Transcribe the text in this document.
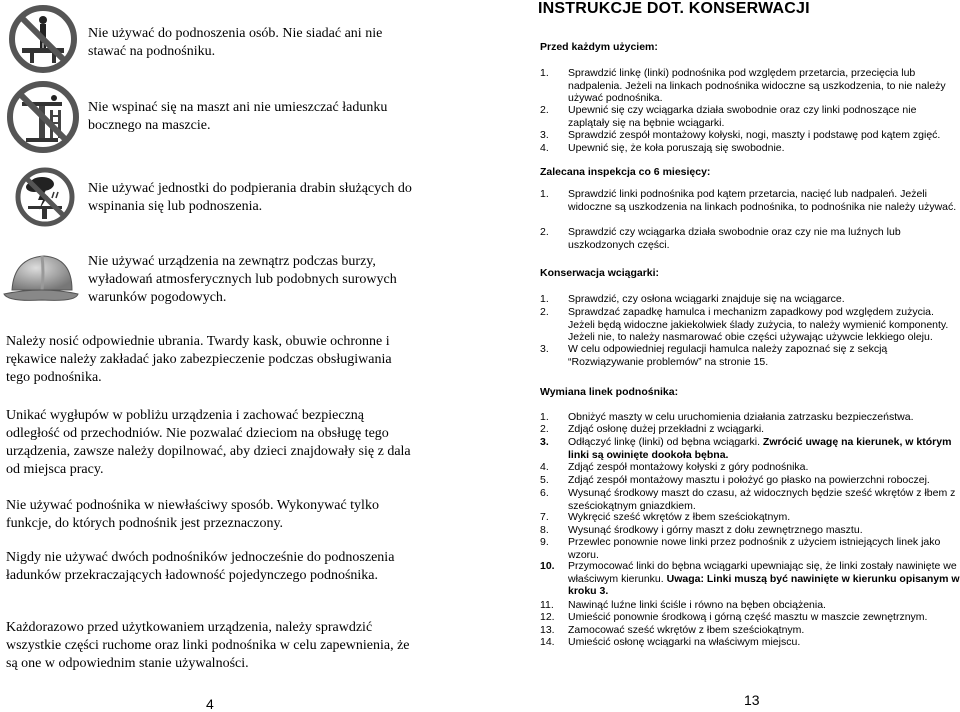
Nie używać do podnoszenia osób. Nie siadać ani nie stawać na podnośniku.
Nie wspinać się na maszt ani nie umieszczać ładunku bocznego na maszcie.
Nie używać jednostki do podpierania drabin służących do wspinania się lub podnoszenia.
Nie używać urządzenia na zewnątrz podczas burzy, wyładowań atmosferycznych lub podobnych surowych warunków pogodowych.
Należy nosić odpowiednie ubrania. Twardy kask, obuwie ochronne i rękawice należy zakładać jako zabezpieczenie podczas obsługiwania tego podnośnika.
Unikać wygłupów w pobliżu urządzenia i zachować bezpieczną odległość od przechodniów. Nie pozwalać dzieciom na obsługę tego urządzenia, zawsze należy dopilnować, aby dzieci znajdowały się z dala od miejsca pracy.
Nie używać podnośnika w niewłaściwy sposób. Wykonywać tylko funkcje, do których podnośnik jest przeznaczony.
Nigdy nie używać dwóch podnośników jednocześnie do podnoszenia ładunków przekraczających ładowność pojedynczego podnośnika.
Każdorazowo przed użytkowaniem urządzenia, należy sprawdzić wszystkie części ruchome oraz linki podnośnika w celu zapewnienia, że są one w odpowiednim stanie używalności.
4
INSTRUKCJE DOT. KONSERWACJI
Przed każdym użyciem:
1. Sprawdzić linkę (linki) podnośnika pod względem przetarcia, przecięcia lub nadpalenia. Jeżeli na linkach podnośnika widoczne są uszkodzenia, to nie należy używać podnośnika.
2. Upewnić się czy wciągarka działa swobodnie oraz czy linki podnoszące nie zaplątały się na bębnie wciągarki.
3. Sprawdzić zespół montażowy kołyski, nogi, maszty i podstawę pod kątem zgięć.
4. Upewnić się, że koła poruszają się swobodnie.
Zalecana inspekcja co 6 miesięcy:
1. Sprawdzić linki podnośnika pod kątem przetarcia, nacięć lub nadpaleń. Jeżeli widoczne są uszkodzenia na linkach podnośnika, to podnośnika nie należy używać.
2. Sprawdzić czy wciągarka działa swobodnie oraz czy nie ma luźnych lub uszkodzonych części.
Konserwacja wciągarki:
1. Sprawdzić, czy osłona wciągarki znajduje się na wciągarce.
2. Sprawdzać zapadkę hamulca i mechanizm zapadkowy pod względem zużycia. Jeżeli będą widoczne jakiekolwiek ślady zużycia, to należy wymienić komponenty. Jeżeli nie, to należy nasmarować obie części używając używcie lekkiego oleju.
3. W celu odpowiedniej regulacji hamulca należy zapoznać się z sekcją “Rozwiązywanie problemów” na stronie 15.
Wymiana linek podnośnika:
1. Obniżyć maszty w celu uruchomienia działania zatrzasku bezpieczeństwa.
2. Zdjąć osłonę dużej przekładni z wciągarki.
3. Odłączyć linkę (linki) od bębna wciągarki. Zwrócić uwagę na kierunek, w którym linki są owinięte dookoła bębna.
4. Zdjąć zespół montażowy kołyski z góry podnośnika.
5. Zdjąć zespół montażowy masztu i położyć go płasko na powierzchni roboczej.
6. Wysunąć środkowy maszt do czasu, aż widocznych będzie sześć wkrętów z łbem z sześciokątnym gniazdkiem.
7. Wykręcić sześć wkrętów z łbem sześciokątnym.
8. Wysunąć środkowy i górny maszt z dołu zewnętrznego masztu.
9. Przewlec ponownie nowe linki przez podnośnik z użyciem istniejących linek jako wzoru.
10. Przymocować linki do bębna wciągarki upewniając się, że linki zostały nawinięte we właściwym kierunku. Uwaga: Linki muszą być nawinięte w kierunku opisanym w kroku 3.
11. Nawinąć luźne linki ściśle i równo na bęben obciążenia.
12. Umieścić ponownie środkową i górną część masztu w maszcie zewnętrznym.
13. Zamocować sześć wkrętów z łbem sześciokątnym.
14. Umieścić osłonę wciągarki na właściwym miejscu.
13
